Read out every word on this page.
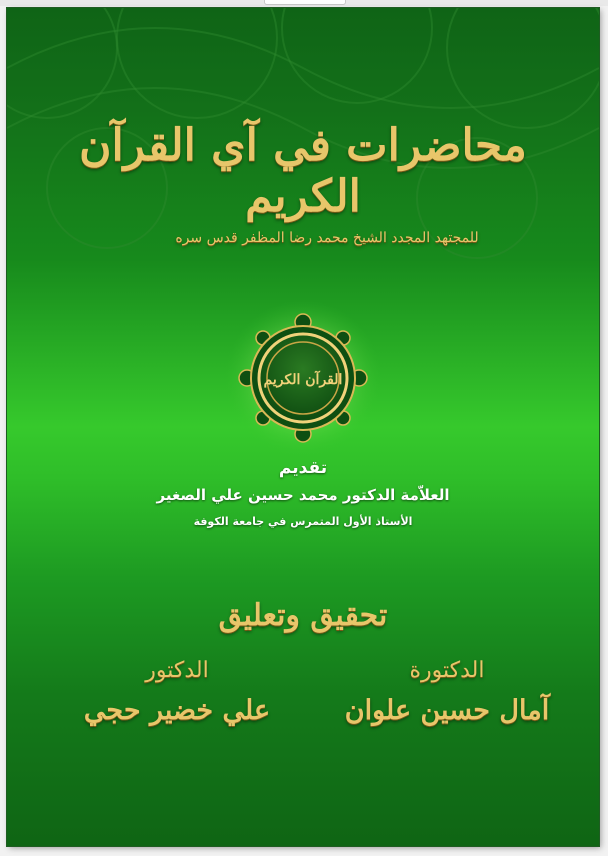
محاضرات في آي القرآن الكريم
للمجتهد المجدد الشيخ محمد رضا المظفر قدس سره
القرآن الكريم
تقديم
العلاّمة الدكتور محمد حسين علي الصغير
الأستاذ الأول المتمرس في جامعة الكوفة
تحقيق وتعليق
الدكتورة
آمال حسين علوان
الدكتور
علي خضير حجي
